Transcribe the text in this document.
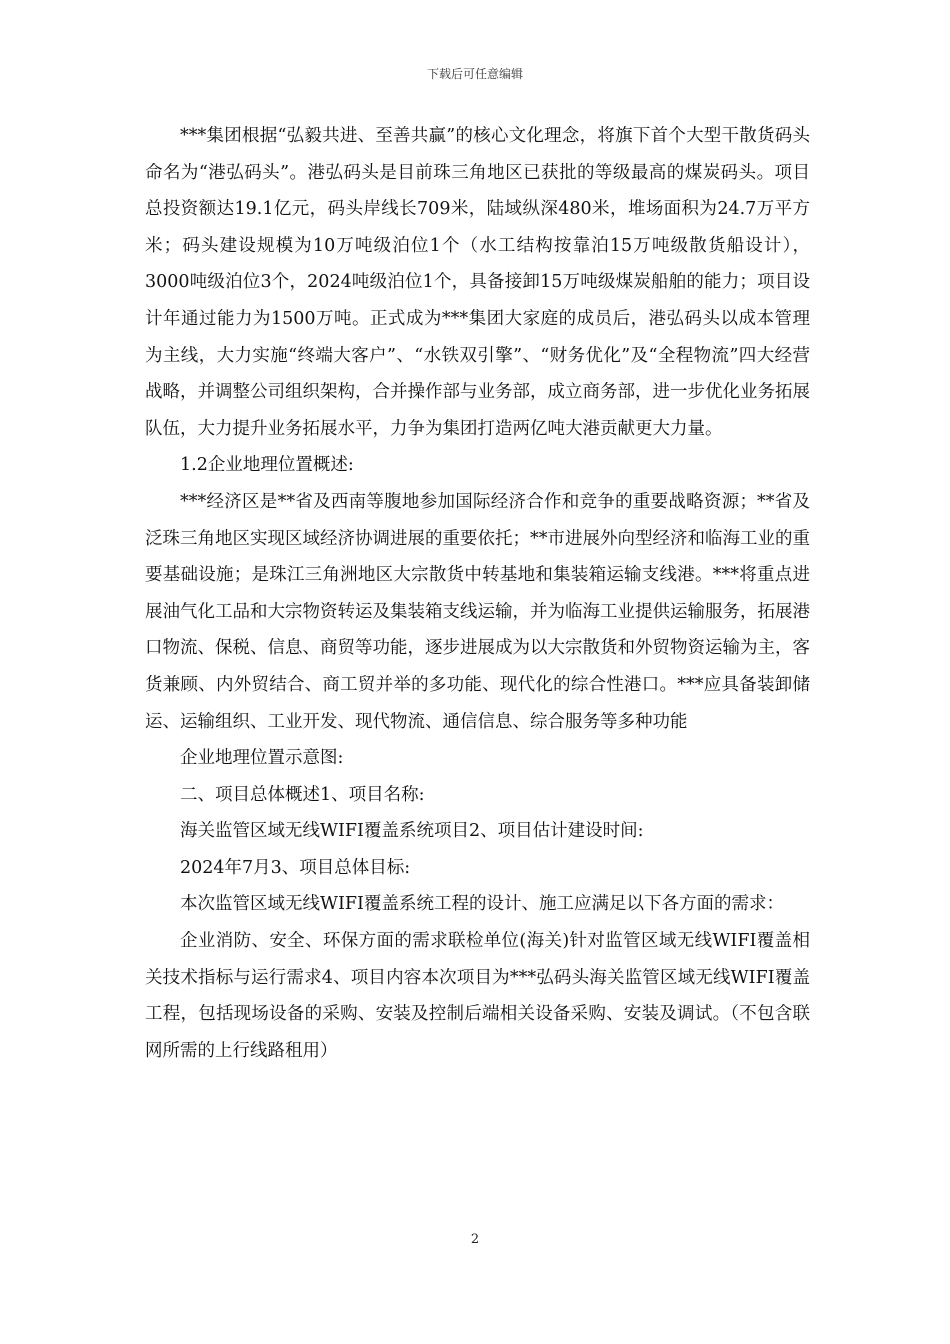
下载后可任意编辑

***集团根据“弘毅共进、至善共赢”的核心文化理念，将旗下首个大型干散货码头命名为“港弘码头”。港弘码头是目前珠三角地区已获批的等级最高的煤炭码头。项目总投资额达19.1亿元，码头岸线长709米，陆域纵深480米，堆场面积为24.7万平方米；码头建设规模为10万吨级泊位1个（水工结构按靠泊15万吨级散货船设计），3000吨级泊位3个，2024吨级泊位1个，具备接卸15万吨级煤炭船舶的能力；项目设计年通过能力为1500万吨。正式成为***集团大家庭的成员后，港弘码头以成本管理为主线，大力实施“终端大客户”、“水铁双引擎”、“财务优化”及“全程物流”四大经营战略，并调整公司组织架构，合并操作部与业务部，成立商务部，进一步优化业务拓展队伍，大力提升业务拓展水平，力争为集团打造两亿吨大港贡献更大力量。

1.2企业地理位置概述:

***经济区是**省及西南等腹地参加国际经济合作和竞争的重要战略资源；**省及泛珠三角地区实现区域经济协调进展的重要依托；**市进展外向型经济和临海工业的重要基础设施；是珠江三角洲地区大宗散货中转基地和集装箱运输支线港。***将重点进展油气化工品和大宗物资转运及集装箱支线运输，并为临海工业提供运输服务，拓展港口物流、保税、信息、商贸等功能，逐步进展成为以大宗散货和外贸物资运输为主，客货兼顾、内外贸结合、商工贸并举的多功能、现代化的综合性港口。***应具备装卸储运、运输组织、工业开发、现代物流、通信信息、综合服务等多种功能

企业地理位置示意图:

二、项目总体概述1、项目名称:

海关监管区域无线WIFI覆盖系统项目2、项目估计建设时间:

2024年7月3、项目总体目标:

本次监管区域无线WIFI覆盖系统工程的设计、施工应满足以下各方面的需求：

企业消防、安全、环保方面的需求联检单位(海关)针对监管区域无线WIFI覆盖相关技术指标与运行需求4、项目内容本次项目为***弘码头海关监管区域无线WIFI覆盖工程，包括现场设备的采购、安装及控制后端相关设备采购、安装及调试。（不包含联网所需的上行线路租用）

2
